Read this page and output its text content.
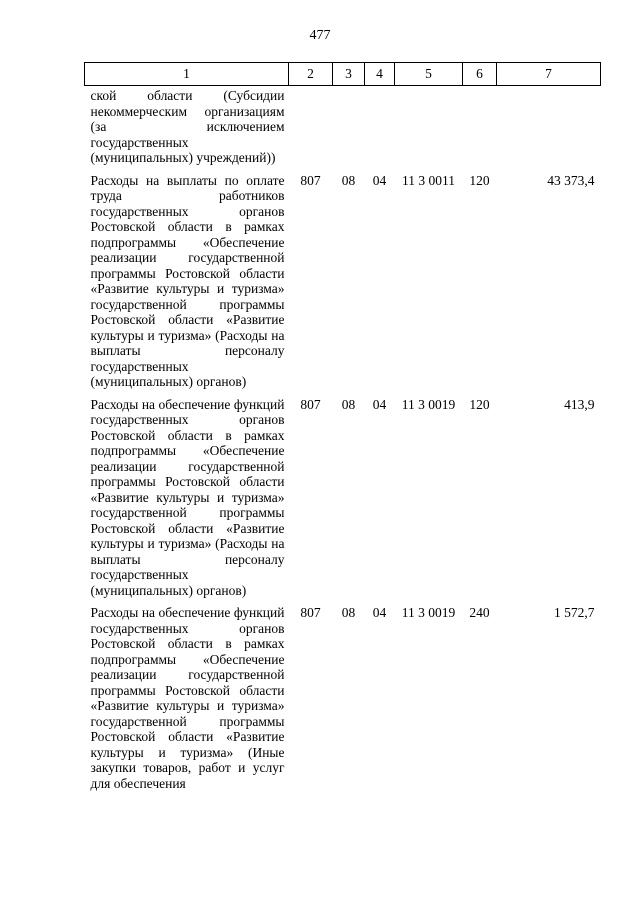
477
1	2	3	4	5	6	7
ской области (Субсидии некоммерческим организациям (за исключением государственных (муниципальных) учреждений))						
Расходы на выплаты по оплате труда работников государственных органов Ростовской области в рамках подпрограммы «Обеспечение реализации государственной программы Ростовской области «Развитие культуры и туризма» государственной программы Ростовской области «Развитие культуры и туризма» (Расходы на выплаты персоналу государственных (муниципальных) органов)	807	08	04	11 3 0011	120	43 373,4
Расходы на обеспечение функций государственных органов Ростовской области в рамках подпрограммы «Обеспечение реализации государственной программы Ростовской области «Развитие культуры и туризма» государственной программы Ростовской области «Развитие культуры и туризма» (Расходы на выплаты персоналу государственных (муниципальных) органов)	807	08	04	11 3 0019	120	413,9
Расходы на обеспечение функций государственных органов Ростовской области в рамках подпрограммы «Обеспечение реализации государственной программы Ростовской области «Развитие культуры и туризма» государственной программы Ростовской области «Развитие культуры и туризма» (Иные закупки товаров, работ и услуг для обеспечения	807	08	04	11 3 0019	240	1 572,7
